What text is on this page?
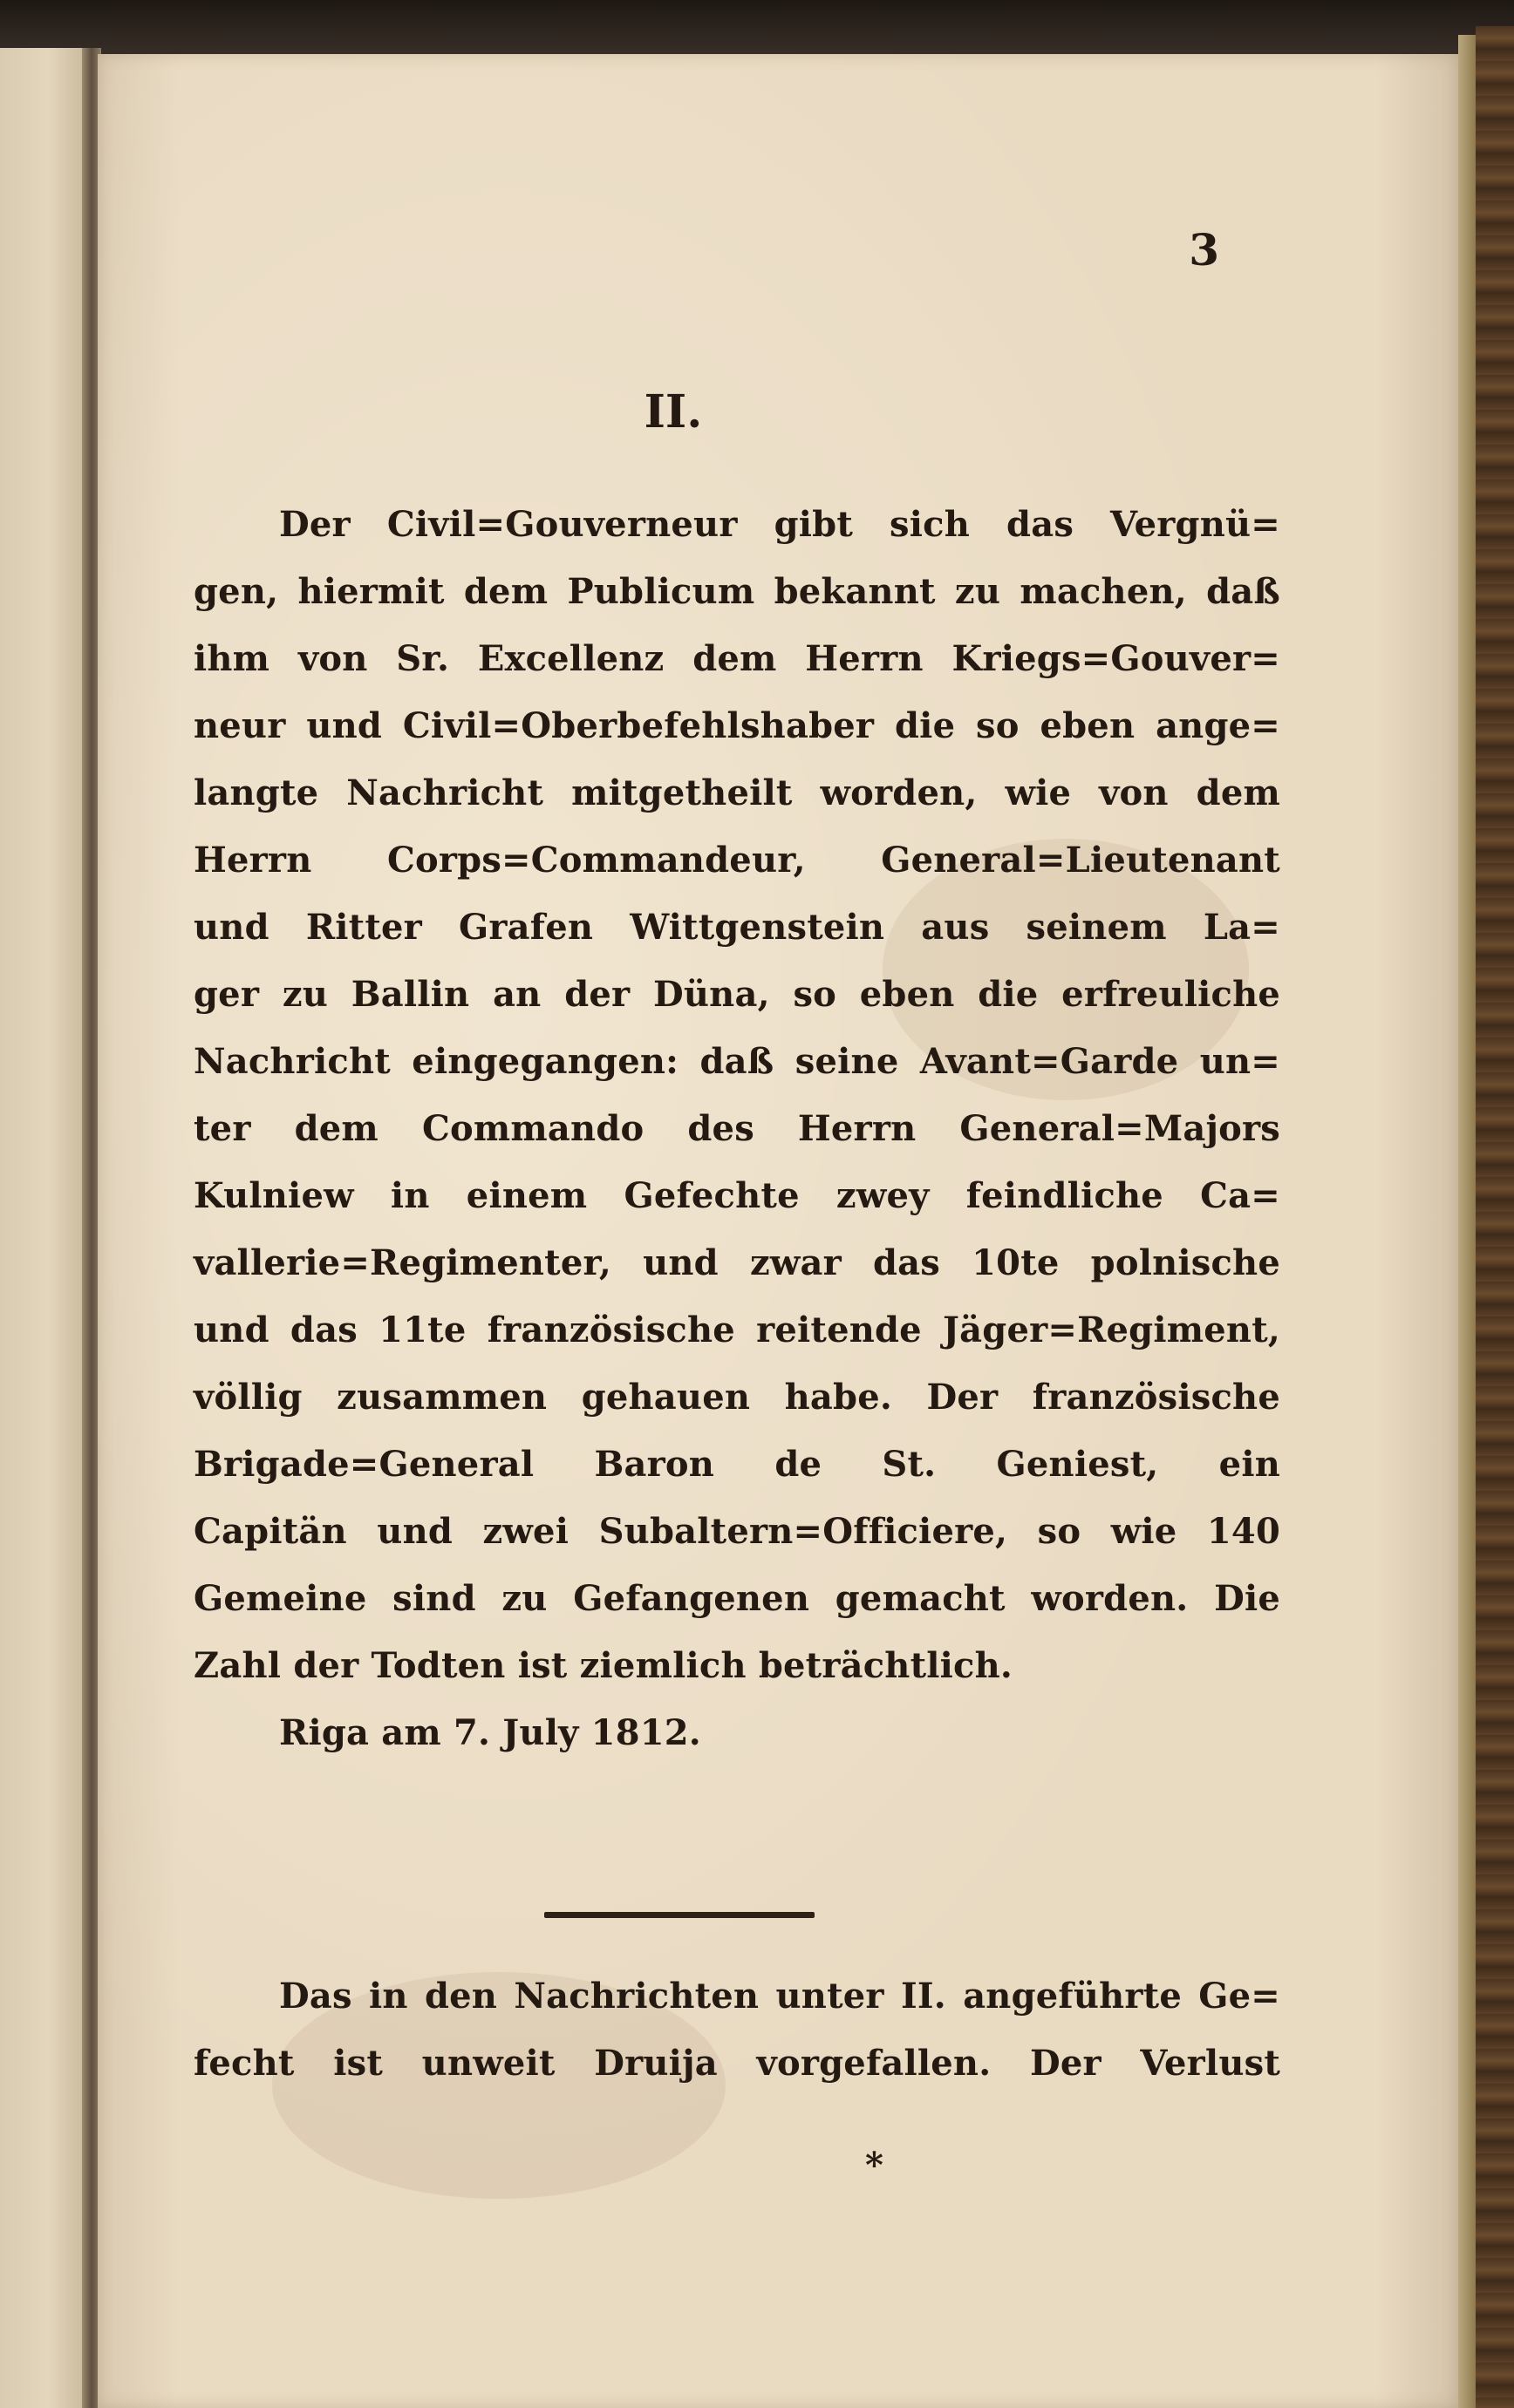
3
II.
Der Civil=Gouverneur gibt sich das Vergnü=
gen, hiermit dem Publicum bekannt zu machen, daß
ihm von Sr. Excellenz dem Herrn Kriegs=Gouver=
neur und Civil=Oberbefehlshaber die so eben ange=
langte Nachricht mitgetheilt worden, wie von dem
Herrn Corps=Commandeur, General=Lieutenant
und Ritter Grafen Wittgenstein aus seinem La=
ger zu Ballin an der Düna, so eben die erfreuliche
Nachricht eingegangen: daß seine Avant=Garde un=
ter dem Commando des Herrn General=Majors
Kulniew in einem Gefechte zwey feindliche Ca=
vallerie=Regimenter, und zwar das 10te polnische
und das 11te französische reitende Jäger=Regiment,
völlig zusammen gehauen habe. Der französische
Brigade=General Baron de St. Geniest, ein
Capitän und zwei Subaltern=Officiere, so wie 140
Gemeine sind zu Gefangenen gemacht worden. Die
Zahl der Todten ist ziemlich beträchtlich.
Riga am 7. July 1812.
Das in den Nachrichten unter II. angeführte Ge=
fecht ist unweit Druija vorgefallen. Der Verlust
*
